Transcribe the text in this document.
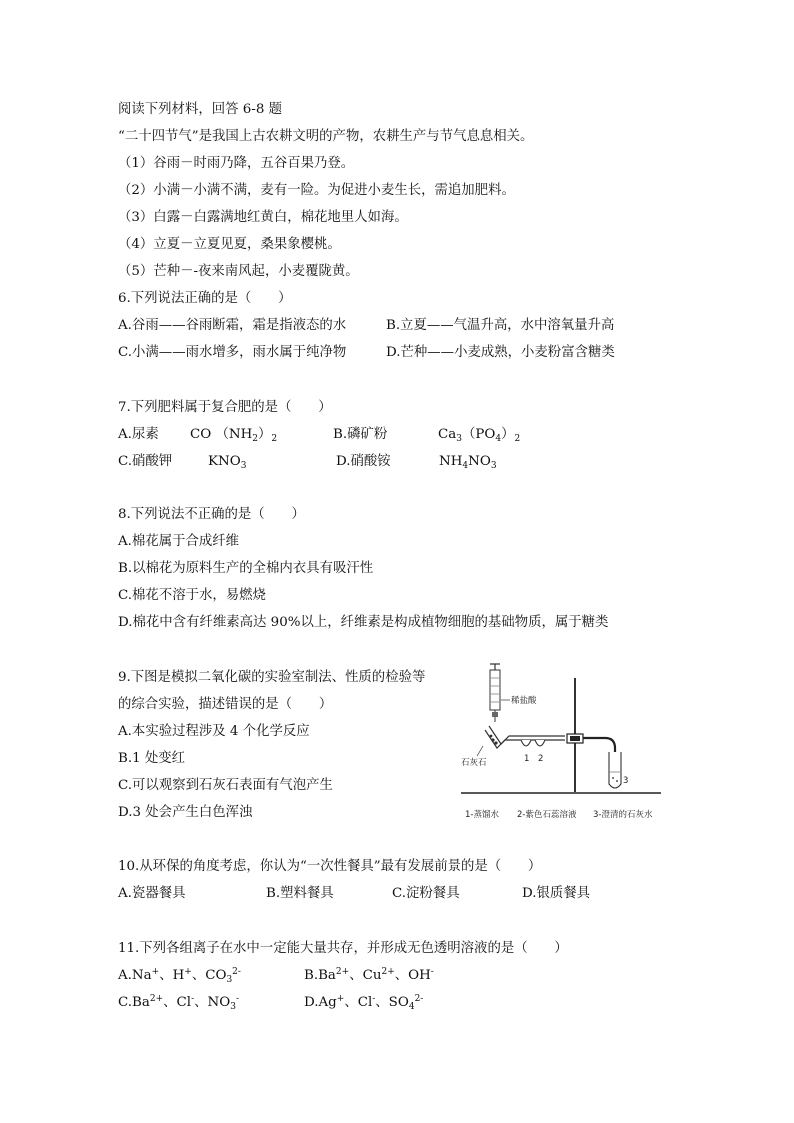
阅读下列材料，回答 6-8 题
“二十四节气”是我国上古农耕文明的产物，农耕生产与节气息息相关。
（1）谷雨－时雨乃降，五谷百果乃登。
（2）小满－小满不满，麦有一险。为促进小麦生长，需追加肥料。
（3）白露－白露满地红黄白，棉花地里人如海。
（4）立夏－立夏见夏，桑果象樱桃。
（5）芒种－-夜来南风起，小麦覆陇黄。
6.下列说法正确的是（　　）
A.谷雨——谷雨断霜，霜是指液态的水	B.立夏——气温升高，水中溶氧量升高
C.小满——雨水增多，雨水属于纯净物	D.芒种——小麦成熟，小麦粉富含糖类
7.下列肥料属于复合肥的是（　　）
A.尿素 CO $(NH_2)_2$	B.磷矿粉	$Ca_3(PO_4)_2$
C.硝酸钾	$KNO_3$	D.硝酸铵	$NH_4NO_3$
8.下列说法不正确的是（　　）
A.棉花属于合成纤维
B.以棉花为原料生产的全棉内衣具有吸汗性
C.棉花不溶于水，易燃烧
D.棉花中含有纤维素高达 90%以上，纤维素是构成植物细胞的基础物质，属于糖类
9.下图是模拟二氧化碳的实验室制法、性质的检验等
的综合实验，描述错误的是（　　）
A.本实验过程涉及 4 个化学反应
B.1 处变红
C.可以观察到石灰石表面有气泡产生
D.3 处会产生白色浑浊
稀盐酸
1 2
3
石灰石
1-蒸馏水 2-紫色石蕊溶液 3-澄清的石灰水
10.从环保的角度考虑，你认为“一次性餐具”最有发展前景的是（　　）
A.瓷器餐具	B.塑料餐具	C.淀粉餐具	D.银质餐具
11.下列各组离子在水中一定能大量共存，并形成无色透明溶液的是（　　）
A.Na+、H+、$CO_3^{2-}$	$B.Ba^{2+}$、$Cu^{2+}$、OH-
$C.Ba^{2+}$、Cl-、$NO_3^-$	D.Ag+、Cl-、$SO_4^{2-}$
